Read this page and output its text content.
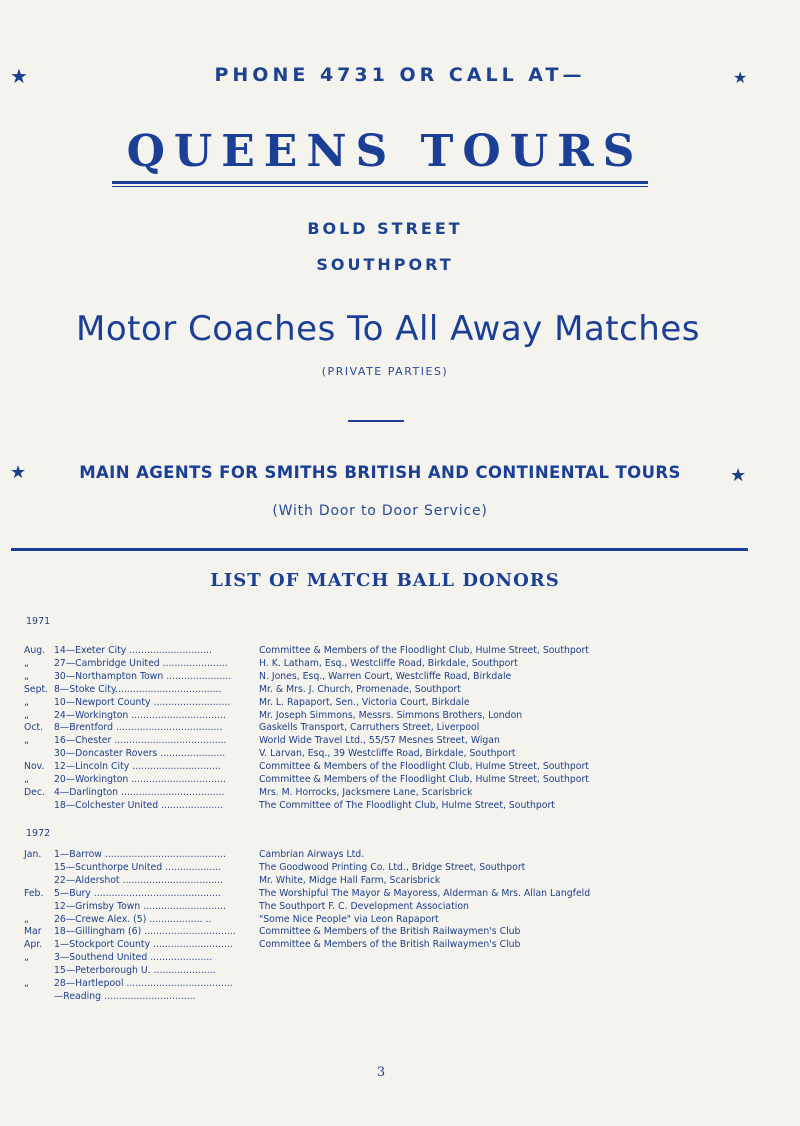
★	★
PHONE 4731 OR CALL AT—
QUEENS TOURS
BOLD STREET
SOUTHPORT
Motor Coaches To All Away Matches
(PRIVATE PARTIES)
★	MAIN AGENTS FOR SMITHS BRITISH AND CONTINENTAL TOURS	★
(With Door to Door Service)
LIST OF MATCH BALL DONORS
1971
Aug. 14—Exeter City ............................	Committee & Members of the Floodlight Club, Hulme Street, Southport
„	27—Cambridge United ......................	H. K. Latham, Esq., Westcliffe Road, Birkdale, Southport
„	30—Northampton Town ......................	N. Jones, Esq., Warren Court, Westcliffe Road, Birkdale
Sept. 8—Stoke City....................................	Mr. & Mrs. J. Church, Promenade, Southport
„	10—Newport County ..........................	Mr. L. Rapaport, Sen., Victoria Court, Birkdale
„	24—Workington ................................	Mr. Joseph Simmons, Messrs. Simmons Brothers, London
Oct.	8—Brentford ....................................	Gaskells Transport, Carruthers Street, Liverpool
„	16—Chester ......................................	World Wide Travel Ltd., 55/57 Mesnes Street, Wigan
30—Doncaster Rovers ......................	V. Larvan, Esq., 39 Westcliffe Road, Birkdale, Southport
Nov.	12—Lincoln City ..............................	Committee & Members of the Floodlight Club, Hulme Street, Southport
„	20—Workington ................................	Committee & Members of the Floodlight Club, Hulme Street, Southport
Dec. 4—Darlington ...................................	Mrs. M. Horrocks, Jacksmere Lane, Scarisbrick
18—Colchester United .....................	The Committee of The Floodlight Club, Hulme Street, Southport
1972
Jan.	1—Barrow .........................................	Cambrian Airways Ltd.
15—Scunthorpe United ...................	The Goodwood Printing Co. Ltd., Bridge Street, Southport
22—Aldershot ..................................	Mr. White, Midge Hall Farm, Scarisbrick
Feb.	5—Bury ...........................................	The Worshipful The Mayor & Mayoress, Alderman & Mrs. Allan Langfeld
12—Grimsby Town ............................	The Southport F. C. Development Association
„	26—Crewe Alex. (5) .................. ..	"Some Nice People" via Leon Rapaport
Mar	18—Gillingham (6) ...............................	Committee & Members of the British Railwaymen's Club
Apr.	1—Stockport County ...........................	Committee & Members of the British Railwaymen's Club
„	3—Southend United .....................
15—Peterborough U. .....................
„	28—Hartlepool ....................................
—Reading ...............................
3
